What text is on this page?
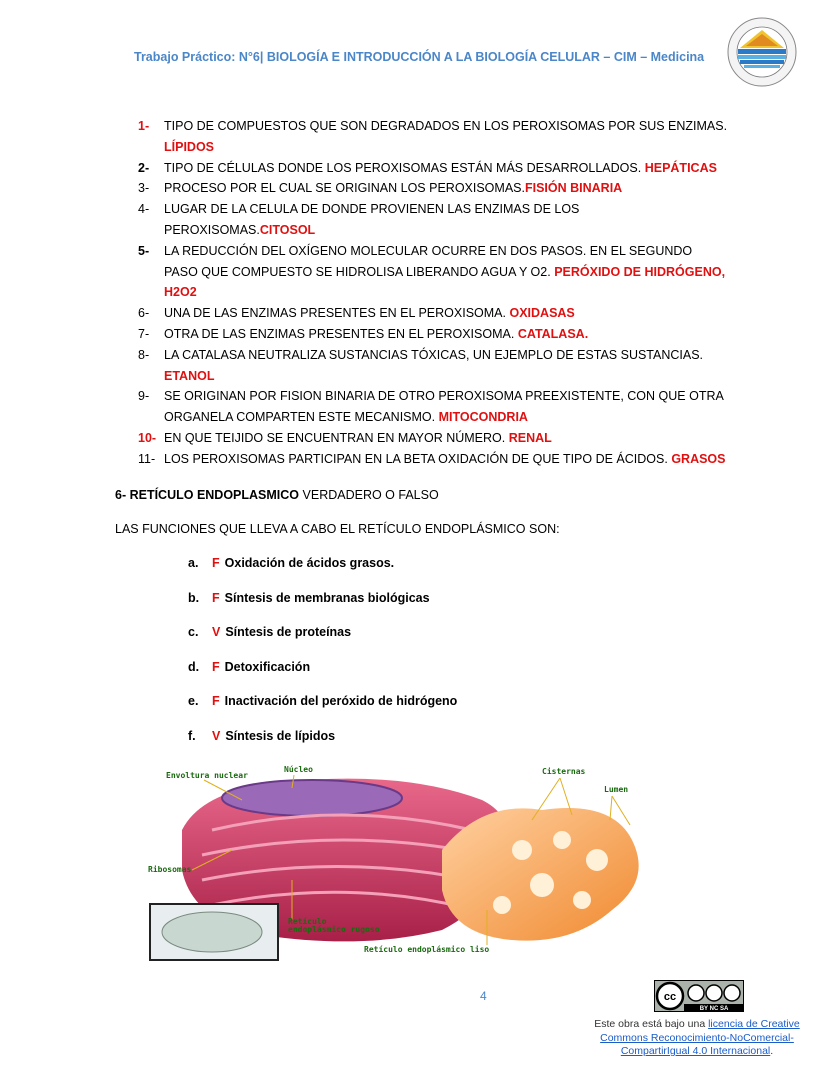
Trabajo Práctico: N°6| BIOLOGÍA E INTRODUCCIÓN A LA BIOLOGÍA CELULAR – CIM – Medicina
1-	TIPO DE COMPUESTOS QUE SON DEGRADADOS EN LOS PEROXISOMAS POR SUS ENZIMAS.
LÍPIDOS
2-	TIPO DE CÉLULAS DONDE LOS PEROXISOMAS ESTÁN MÁS DESARROLLADOS. HEPÁTICAS
3-	PROCESO POR EL CUAL SE ORIGINAN LOS PEROXISOMAS.FISIÓN BINARIA
4-	LUGAR DE LA CELULA DE DONDE PROVIENEN LAS ENZIMAS DE LOS PEROXISOMAS.CITOSOL
5-	LA REDUCCIÓN DEL OXÍGENO MOLECULAR OCURRE EN DOS PASOS. EN EL SEGUNDO PASO QUE COMPUESTO SE HIDROLISA LIBERANDO AGUA Y O2. PERÓXIDO DE HIDRÓGENO, H2O2
6-	UNA DE LAS ENZIMAS PRESENTES EN EL PEROXISOMA. OXIDASAS
7-	OTRA DE LAS ENZIMAS PRESENTES EN EL PEROXISOMA. CATALASA.
8-	LA CATALASA NEUTRALIZA SUSTANCIAS TÓXICAS, UN EJEMPLO DE ESTAS SUSTANCIAS.
ETANOL
9-	SE ORIGINAN POR FISION BINARIA DE OTRO PEROXISOMA PREEXISTENTE, CON QUE OTRA ORGANELA COMPARTEN ESTE MECANISMO. MITOCONDRIA
10- EN QUE TEIJIDO SE ENCUENTRAN EN MAYOR NÚMERO. RENAL
11- LOS PEROXISOMAS PARTICIPAN EN LA BETA OXIDACIÓN DE QUE TIPO DE ÁCIDOS. GRASOS
6- RETÍCULO ENDOPLASMICO VERDADERO O FALSO
LAS FUNCIONES QUE LLEVA A CABO EL RETÍCULO ENDOPLÁSMICO SON:
a. F Oxidación de ácidos grasos.
b. F Síntesis de membranas biológicas
c. V Síntesis de proteínas
d. F Detoxificación
e. F Inactivación del peróxido de hidrógeno
f. V Síntesis de lípidos
Envoltura nuclear
Núcleo	Cisternas
Lumen
Ribosomas
Retículo
endoplásmico rugoso
Retículo endoplásmico liso
4	cc
BY NC SA
Este obra está bajo una licencia de Creative Commons Reconocimiento-NoComercial-CompartirIgual 4.0 Internacional.
